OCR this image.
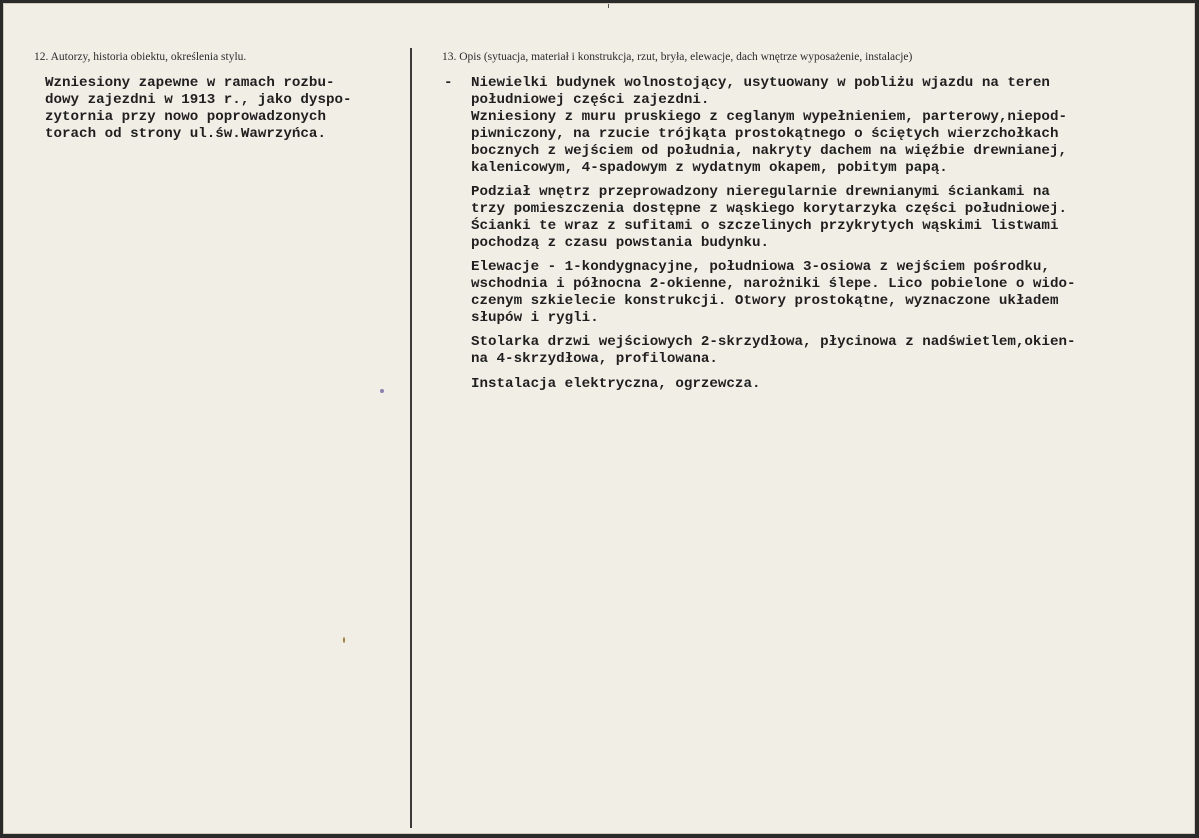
12. Autorzy, historia obiektu, określenia stylu.	13. Opis (sytuacja, materiał i konstrukcja, rzut, bryła, elewacje, dach wnętrze wyposażenie, instalacje)
Wzniesiony zapewne w ramach rozbu-
dowy zajezdni w 1913 r., jako dyspo-
zytornia przy nowo poprowadzonych
torach od strony ul.św.Wawrzyńca.
- Niewielki budynek wolnostojący, usytuowany w pobliżu wjazdu na teren
południowej części zajezdni.
Wzniesiony z muru pruskiego z ceglanym wypełnieniem, parterowy,niepod-
piwniczony, na rzucie trójkąta prostokątnego o ściętych wierzchołkach
bocznych z wejściem od południa, nakryty dachem na więźbie drewnianej,
kalenicowym, 4-spadowym z wydatnym okapem, pobitym papą.
Podział wnętrz przeprowadzony nieregularnie drewnianymi ściankami na
trzy pomieszczenia dostępne z wąskiego korytarzyka części południowej.
Ścianki te wraz z sufitami o szczelinych przykrytych wąskimi listwami
pochodzą z czasu powstania budynku.
Elewacje - 1-kondygnacyjne, południowa 3-osiowa z wejściem pośrodku,
wschodnia i północna 2-okienne, narożniki ślepe. Lico pobielone o wido-
czenym szkielecie konstrukcji. Otwory prostokątne, wyznaczone układem
słupów i rygli.
Stolarka drzwi wejściowych 2-skrzydłowa, płycinowa z nadświetlem,okien-
na 4-skrzydłowa, profilowana.
Instalacja elektryczna, ogrzewcza.
